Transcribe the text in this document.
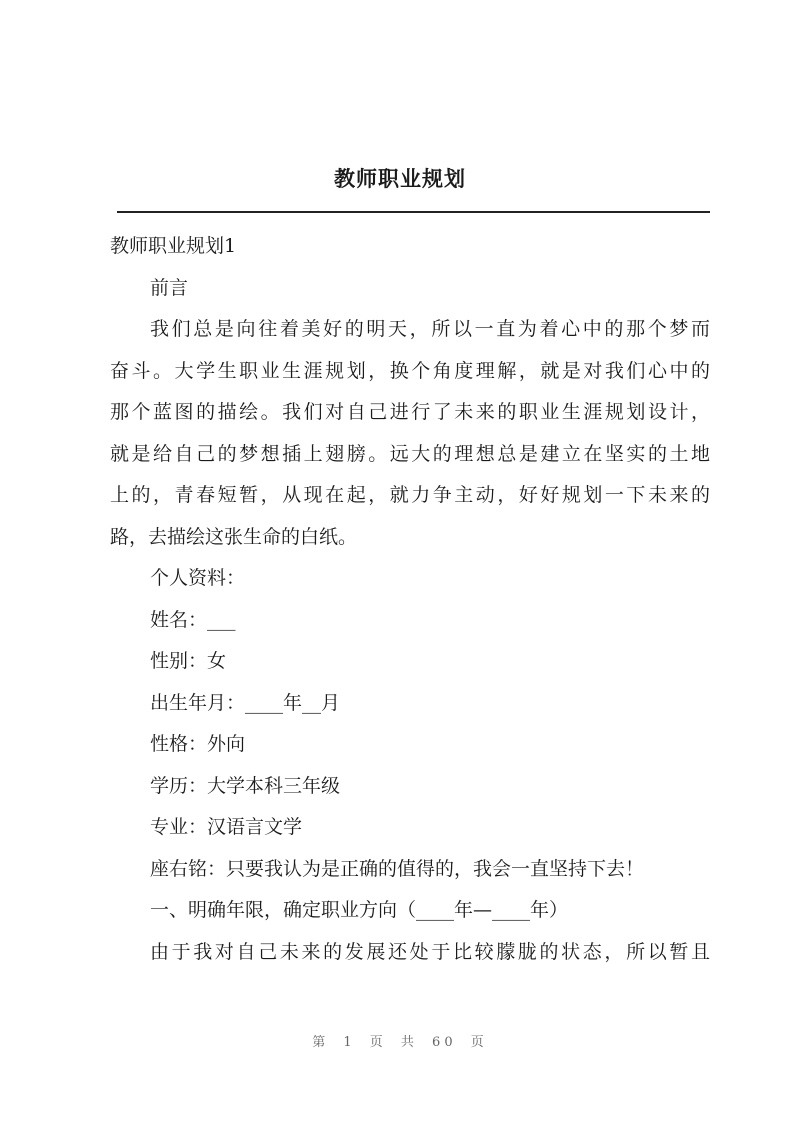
教师职业规划

教师职业规划1

前言

我们总是向往着美好的明天，所以一直为着心中的那个梦而

奋斗。大学生职业生涯规划，换个角度理解，就是对我们心中的

那个蓝图的描绘。我们对自己进行了未来的职业生涯规划设计，

就是给自己的梦想插上翅膀。远大的理想总是建立在坚实的土地

上的，青春短暂，从现在起，就力争主动，好好规划一下未来的

路，去描绘这张生命的白纸。

个人资料：

姓名：___

性别：女

出生年月：____年__月

性格：外向

学历：大学本科三年级

专业：汉语言文学

座右铭：只要我认为是正确的值得的，我会一直坚持下去！

一、明确年限，确定职业方向（____年—____年）

由于我对自己未来的发展还处于比较朦胧的状态，所以暂且

第 1 页 共 60 页
